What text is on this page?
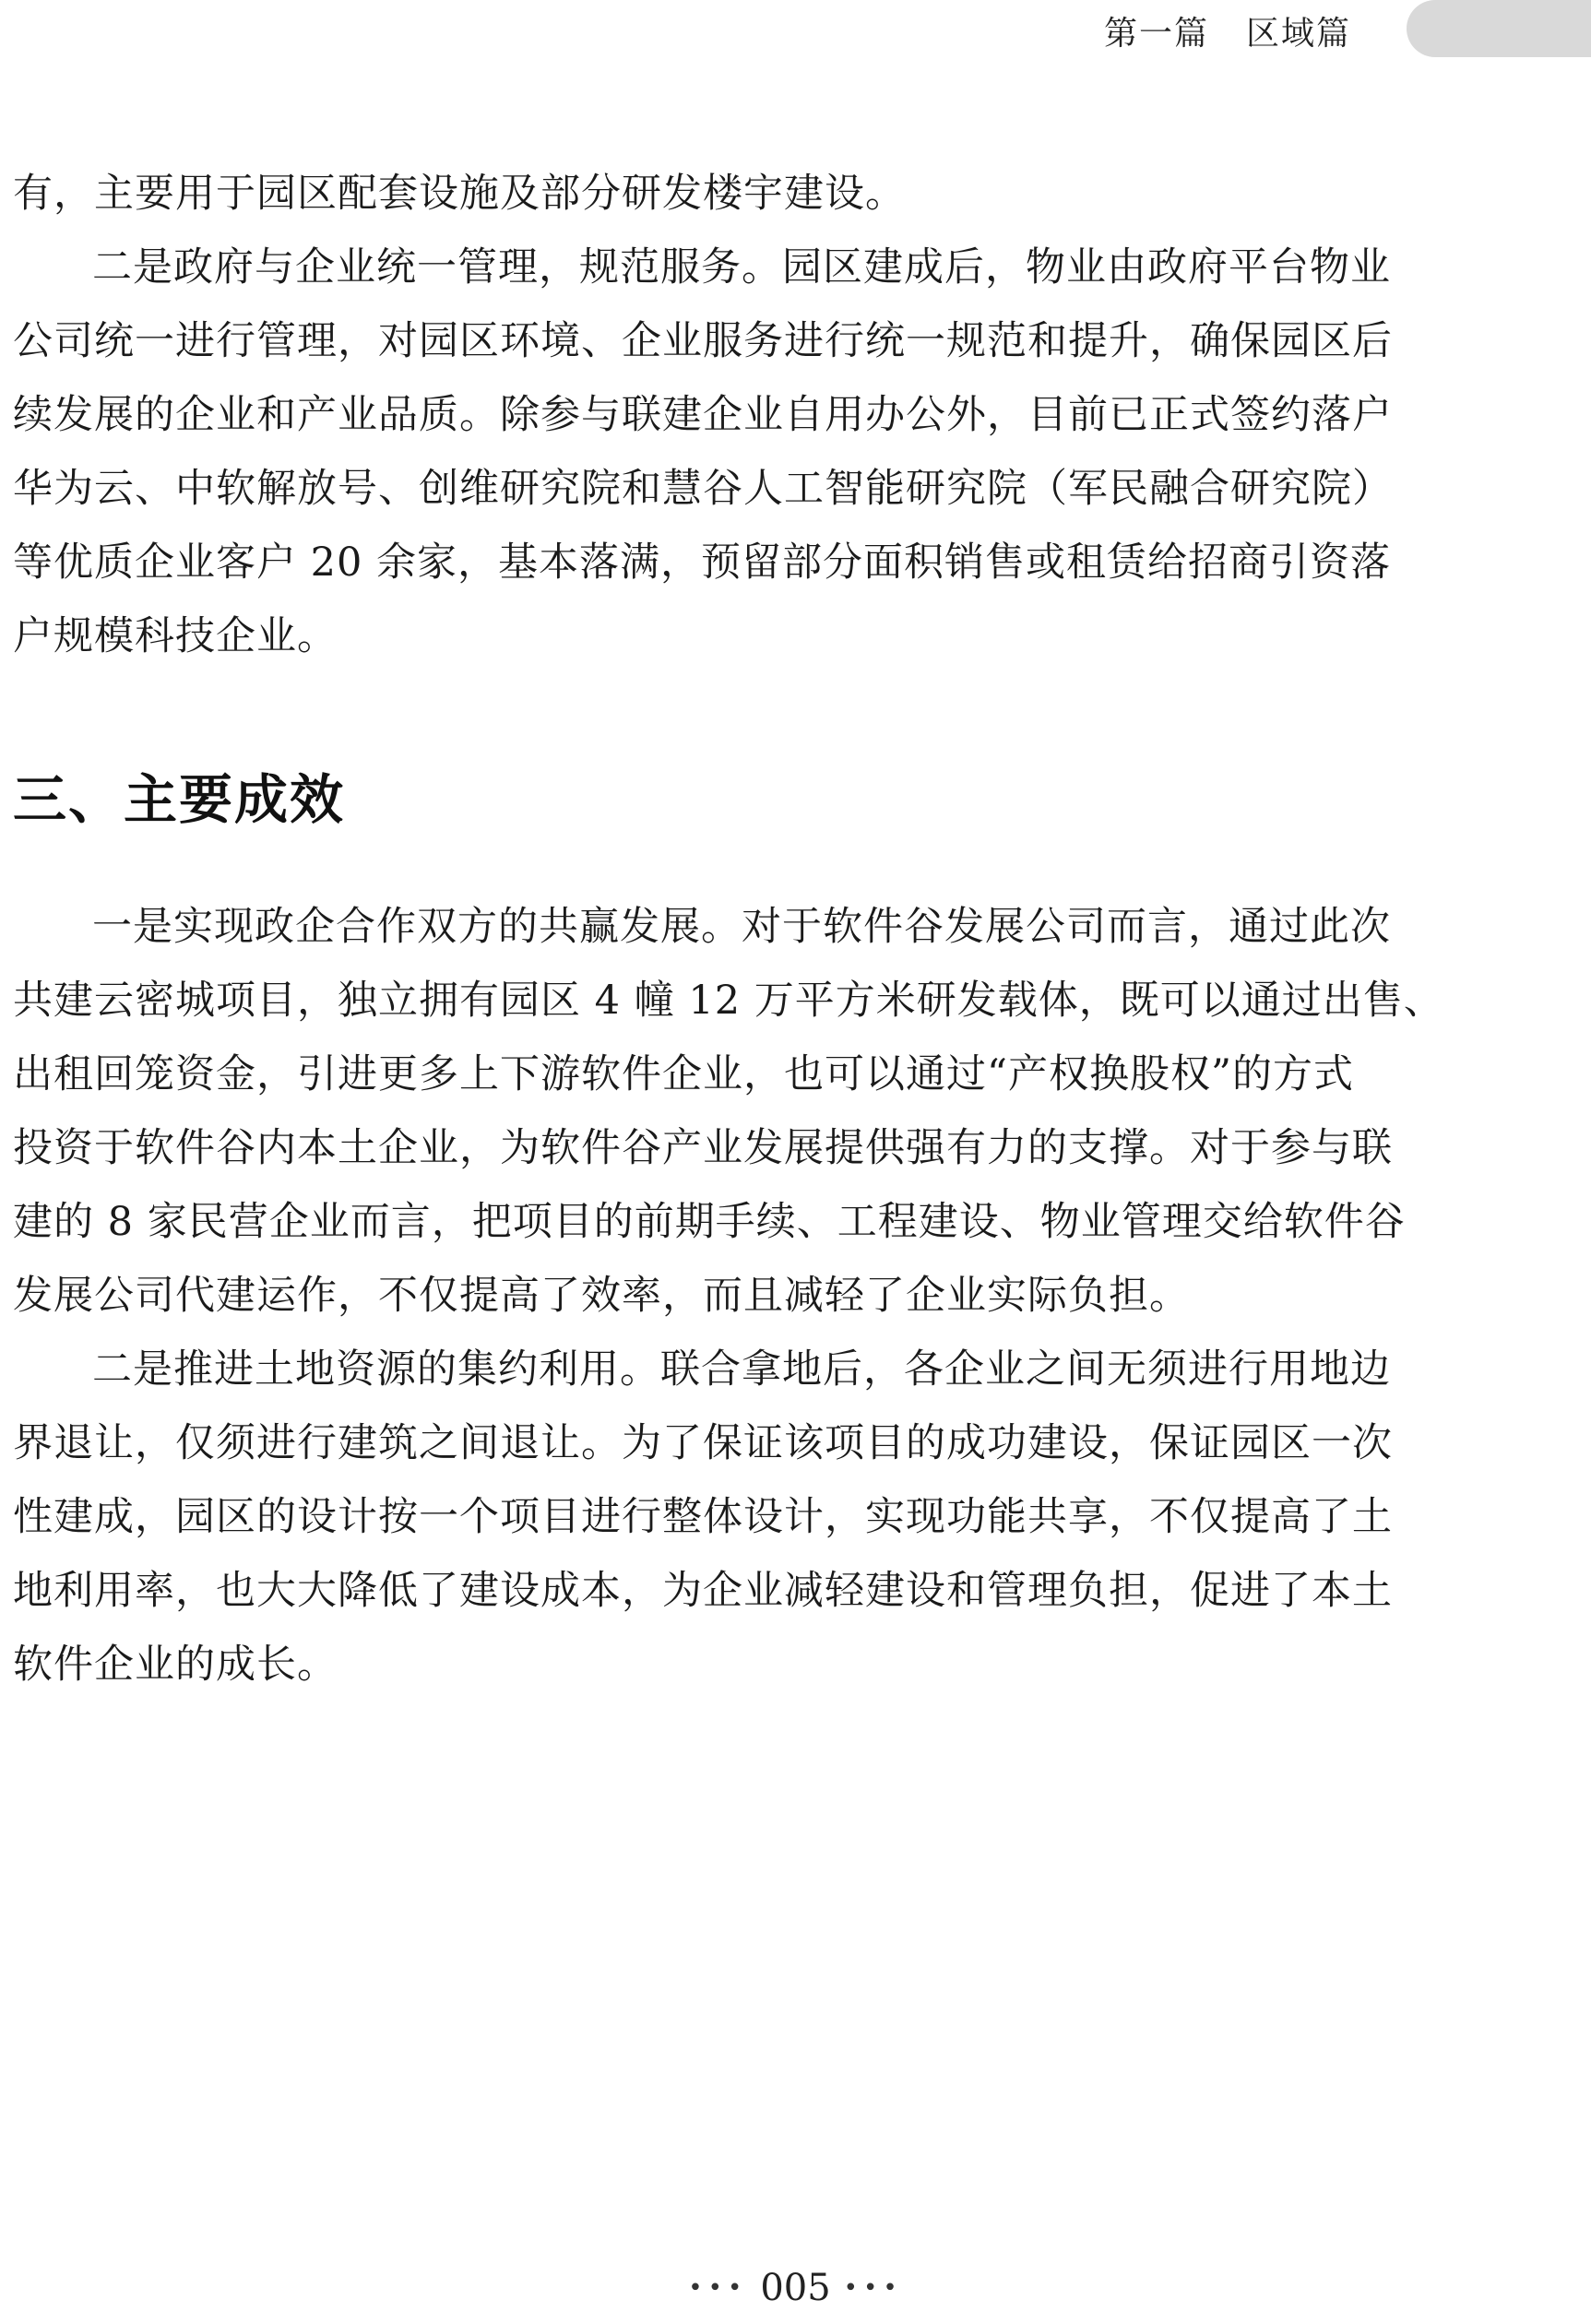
第一篇 区域篇
有，主要用于园区配套设施及部分研发楼宇建设。
二是政府与企业统一管理，规范服务。园区建成后，物业由政府平台物业
公司统一进行管理，对园区环境、企业服务进行统一规范和提升，确保园区后
续发展的企业和产业品质。除参与联建企业自用办公外，目前已正式签约落户
华为云、中软解放号、创维研究院和慧谷人工智能研究院（军民融合研究院）
等优质企业客户 20 余家，基本落满，预留部分面积销售或租赁给招商引资落
户规模科技企业。
三、主要成效
一是实现政企合作双方的共赢发展。对于软件谷发展公司而言，通过此次
共建云密城项目，独立拥有园区 4 幢 12 万平方米研发载体，既可以通过出售、
出租回笼资金，引进更多上下游软件企业，也可以通过“产权换股权”的方式
投资于软件谷内本土企业，为软件谷产业发展提供强有力的支撑。对于参与联
建的 8 家民营企业而言，把项目的前期手续、工程建设、物业管理交给软件谷
发展公司代建运作，不仅提高了效率，而且减轻了企业实际负担。
二是推进土地资源的集约利用。联合拿地后，各企业之间无须进行用地边
界退让，仅须进行建筑之间退让。为了保证该项目的成功建设，保证园区一次
性建成，园区的设计按一个项目进行整体设计，实现功能共享，不仅提高了土
地利用率，也大大降低了建设成本，为企业减轻建设和管理负担，促进了本土
软件企业的成长。
••• 005 •••
